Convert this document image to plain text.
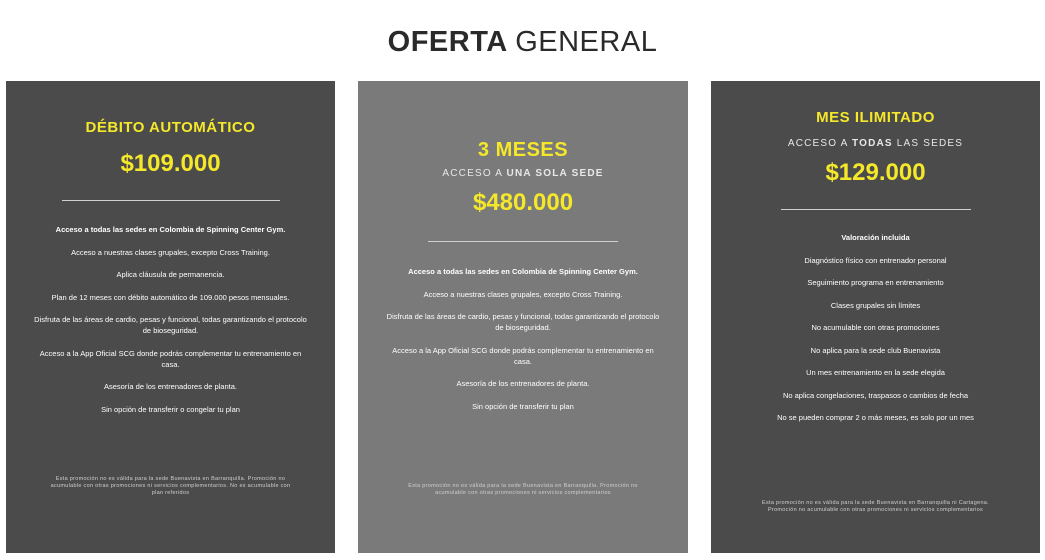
OFERTA GENERAL
DÉBITO AUTOMÁTICO
$109.000
Acceso a todas las sedes en Colombia de Spinning Center Gym.
Acceso a nuestras clases grupales, excepto Cross Training.
Aplica cláusula de permanencia.
Plan de 12 meses con débito automático de 109.000 pesos mensuales.
Disfruta de las áreas de cardio, pesas y funcional, todas garantizando el protocolo de bioseguridad.
Acceso a la App Oficial SCG donde podrás complementar tu entrenamiento en casa.
Asesoría de los entrenadores de planta.
Sin opción de transferir o congelar tu plan
Esta promoción no es válida para la sede Buenavista en Barranquilla. Promoción no acumulable con otras promociones ni servicios complementarios. No es acumulable con plan referidos
3 MESES
ACCESO A UNA SOLA SEDE
$480.000
Acceso a todas las sedes en Colombia de Spinning Center Gym.
Acceso a nuestras clases grupales, excepto Cross Training.
Disfruta de las áreas de cardio, pesas y funcional, todas garantizando el protocolo de bioseguridad.
Acceso a la App Oficial SCG donde podrás complementar tu entrenamiento en casa.
Asesoría de los entrenadores de planta.
Sin opción de transferir tu plan
Esta promoción no es válida para la sede Buenavista en Barranquilla. Promoción no acumulable con otras promociones ni servicios complementarios
MES ILIMITADO
ACCESO A TODAS LAS SEDES
$129.000
Valoración incluida
Diagnóstico físico con entrenador personal
Seguimiento programa en entrenamiento
Clases grupales sin límites
No acumulable con otras promociones
No aplica para la sede club Buenavista
Un mes entrenamiento en la sede elegida
No aplica congelaciones, traspasos o cambios de fecha
No se pueden comprar 2 o más meses, es solo por un mes
Esta promoción no es válida para la sede Buenavista en Barranquilla ni Cartagena. Promoción no acumulable con otras promociones ni servicios complementarios
